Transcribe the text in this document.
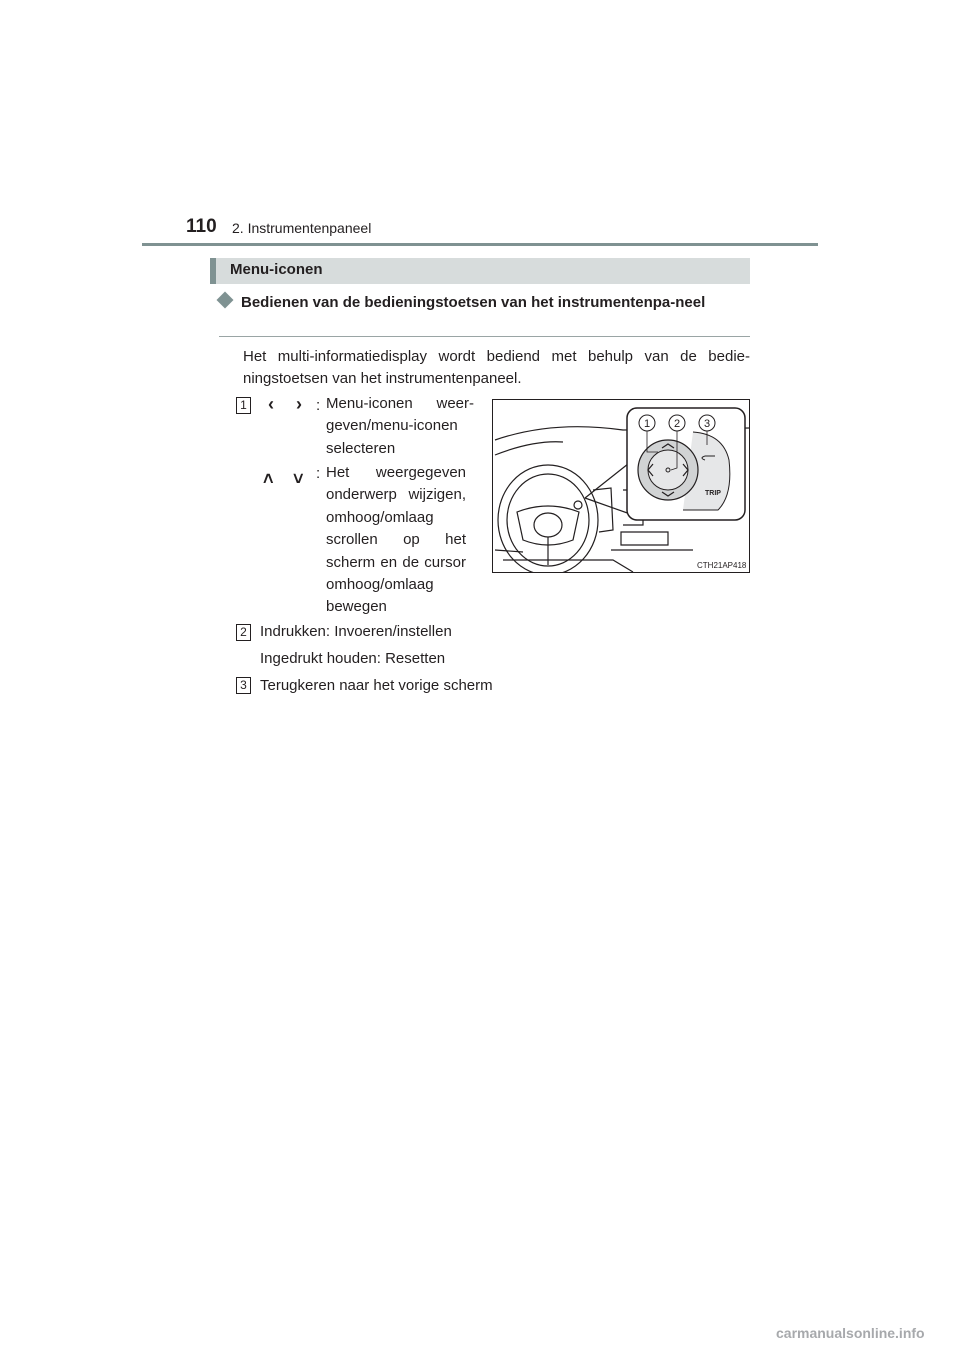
110 2. Instrumentenpaneel
Menu-iconen
Bedienen van de bedieningstoetsen van het instrumentenpa-neel
Het multi-informatiedisplay wordt bediend met behulp van de bedie-ningstoetsen van het instrumentenpaneel.
1 ‹ › : Menu-iconen weer-geven/menu-iconen selecteren
˄ ˅ : Het weergegeven onderwerp wijzigen, omhoog/omlaag scrollen op het scherm en de cursor omhoog/omlaag bewegen
2 Indrukken: Invoeren/instellen
Ingedrukt houden: Resetten
3 Terugkeren naar het vorige scherm
1 2 3
TRIP
CTH21AP418
carmanualsonline.info
